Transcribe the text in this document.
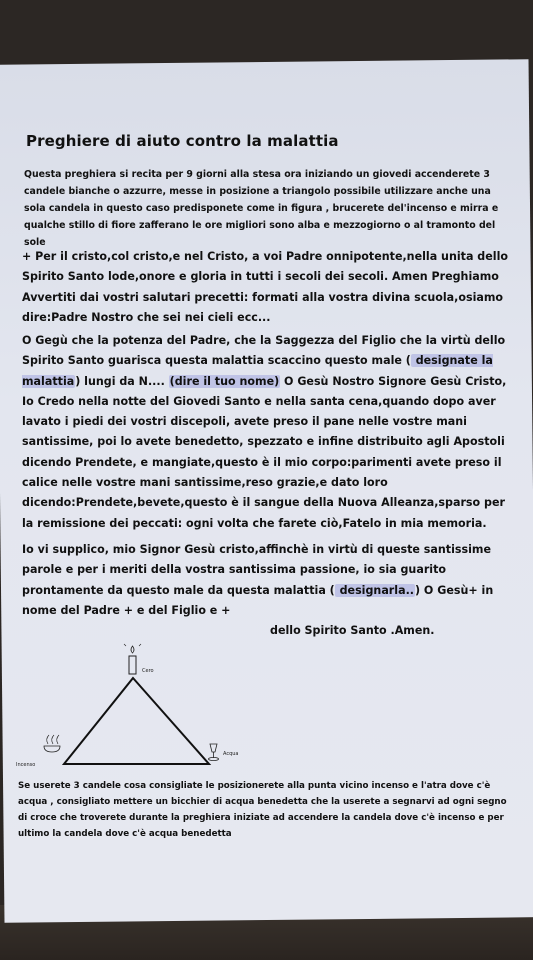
Preghiere di aiuto contro la malattia
Questa preghiera si recita per 9 giorni alla stesa ora iniziando un giovedi accenderete 3 candele bianche o azzurre, messe in posizione a triangolo possibile utilizzare anche una sola candela in questo caso predisponete come in figura , brucerete del'incenso e mirra e qualche stillo di fiore zafferano le ore migliori sono alba e mezzogiorno o al tramonto del sole
+ Per il cristo,col cristo,e nel Cristo, a voi Padre onnipotente,nella unita dello Spirito Santo lode,onore e gloria in tutti i secoli dei secoli. Amen Preghiamo Avvertiti dai vostri salutari precetti: formati alla vostra divina scuola,osiamo dire:Padre Nostro che sei nei cieli ecc...
O Gegù che la potenza del Padre, che la Saggezza del Figlio che la virtù dello Spirito Santo guarisca questa malattia scaccino questo male ( designate la malattia) lungi da N.... (dire il tuo nome) O Gesù Nostro Signore Gesù Cristo, Io Credo nella notte del Giovedi Santo e nella santa cena,quando dopo aver lavato i piedi dei vostri discepoli, avete preso il pane nelle vostre mani santissime, poi lo avete benedetto, spezzato e infine distribuito agli Apostoli dicendo Prendete, e mangiate,questo è il mio corpo:parimenti avete preso il calice nelle vostre mani santissime,reso grazie,e dato loro dicendo:Prendete,bevete,questo è il sangue della Nuova Alleanza,sparso per la remissione dei peccati: ogni volta che farete ciò,Fatelo in mia memoria.
Io vi supplico, mio Signor Gesù cristo,affinchè in virtù di queste santissime parole e per i meriti della vostra santissima passione, io sia guarito prontamente da questo male da questa malattia ( designarla..) O Gesù+ in nome del Padre + e del Figlio e +
dello Spirito Santo .Amen.
Cero
Incenso
Acqua
Se userete 3 candele cosa consigliate le posizionerete alla punta vicino incenso e l'atra dove c'è acqua , consigliato mettere un bicchier di acqua benedetta che la userete a segnarvi ad ogni segno di croce che troverete durante la preghiera iniziate ad accendere la candela dove c'è incenso e per ultimo la candela dove c'è acqua benedetta
